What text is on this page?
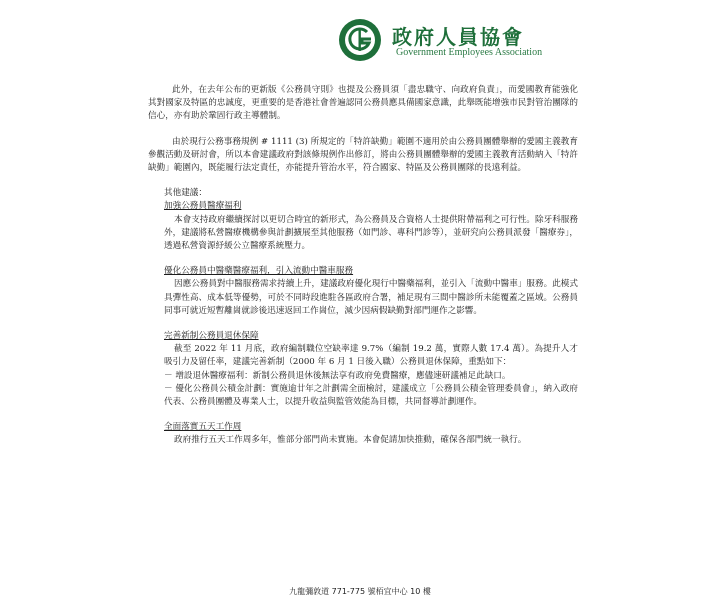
政府人員協會
Government Employees Association

此外，在去年公布的更新版《公務員守則》也提及公務員須「盡忠職守、向政府負責」，而愛國教育能強化其對國家及特區的忠誠度，更重要的是香港社會普遍認同公務員應具備國家意識，此舉既能增強市民對管治團隊的信心，亦有助於鞏固行政主導體制。

由於現行公務事務規例 # 1111 (3) 所規定的「特許缺勤」範圍不適用於由公務員團體舉辦的愛國主義教育參觀活動及研討會，所以本會建議政府對該條規例作出修訂，將由公務員團體舉辦的愛國主義教育活動納入「特許缺勤」範圍內，既能履行法定責任，亦能提升管治水平，符合國家、特區及公務員團隊的長遠利益。

其他建議：

加強公務員醫療福利

本會支持政府繼續探討以更切合時宜的新形式，為公務員及合資格人士提供附帶福利之可行性。除牙科服務外，建議將私營醫療機構參與計劃擴展至其他服務（如門診、專科門診等），並研究向公務員派發「醫療券」，透過私營資源紓緩公立醫療系統壓力。

優化公務員中醫藥醫療福利，引入流動中醫車服務

因應公務員對中醫服務需求持續上升，建議政府優化現行中醫藥福利，並引入「流動中醫車」服務。此模式具彈性高、成本低等優勢，可於不同時段進駐各區政府合署，補足現有三間中醫診所未能覆蓋之區域。公務員同事可就近短暫離崗就診後迅速返回工作崗位，減少因病假缺勤對部門運作之影響。

完善新制公務員退休保障

截至 2022 年 11 月底，政府編制職位空缺率達 9.7%（編制 19.2 萬，實際人數 17.4 萬）。為提升人才吸引力及留任率，建議完善新制（2000 年 6 月 1 日後入職）公務員退休保障，重點如下：

－ 增設退休醫療福利：新制公務員退休後無法享有政府免費醫療，應儘速研議補足此缺口。

－ 優化公務員公積金計劃：實施逾廿年之計劃需全面檢討，建議成立「公務員公積金管理委員會」，納入政府代表、公務員團體及專業人士，以提升收益與監管效能為目標，共同督導計劃運作。

全面落實五天工作周

政府推行五天工作周多年，惟部分部門尚未實施。本會促請加快推動，確保各部門統一執行。

九龍彌敦道 771-775 號栢宜中心 10 樓
